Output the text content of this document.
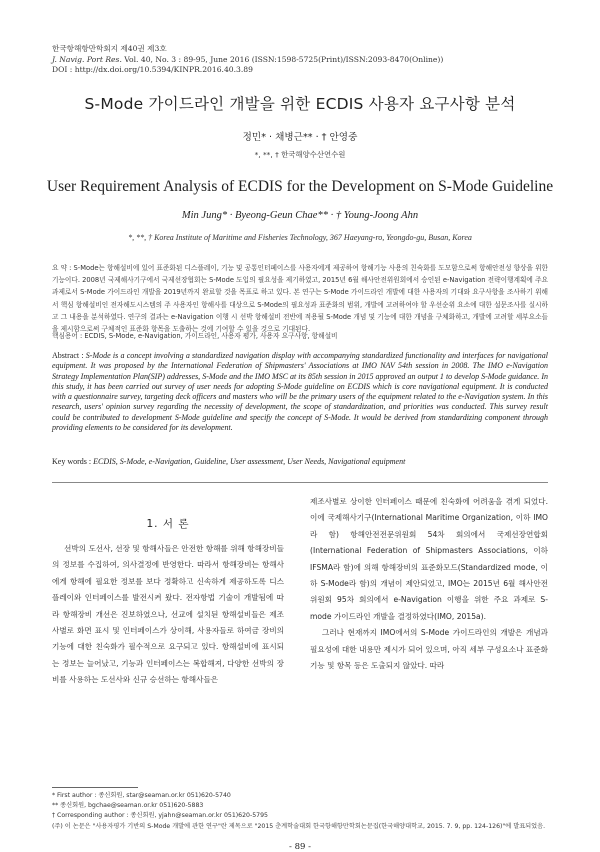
한국항해항만학회지 제40권 제3호
J. Navig. Port Res. Vol. 40, No. 3 : 89-95, June 2016 (ISSN:1598-5725(Print)/ISSN:2093-8470(Online))
DOI : http://dx.doi.org/10.5394/KINPR.2016.40.3.89
S-Mode 가이드라인 개발을 위한 ECDIS 사용자 요구사항 분석
정민* · 채병근** · † 안영중
*, **, † 한국해양수산연수원
User Requirement Analysis of ECDIS for the Development on S-Mode Guideline
Min Jung* · Byeong-Geun Chae** · † Young-Joong Ahn
*, **, † Korea Institute of Maritime and Fisheries Technology, 367 Haeyang-ro, Yeongdo-gu, Busan, Korea

요 약 : S-Mode는 항해설비에 있어 표준화된 디스플레이, 기능 및 공통인터페이스를 사용자에게 제공하여 항해기능 사용의 친숙화를 도모함으로써 항해안전성 향상을 위한 기능이다. 2008년 국제해사기구에서 국제선장협회는 S-Mode 도입의 필요성을 제기하였고, 2015년 6월 해사안전위원회에서 승인된 e-Navigation 전략이행계획에 주요과제로서 S-Mode 가이드라인 개발을 2019년까지 완료할 것을 목표로 하고 있다. 본 연구는 S-Mode 가이드라인 개발에 대한 사용자의 기대와 요구사항을 조사하기 위해서 핵심 항해설비인 전자해도시스템의 주 사용자인 항해사를 대상으로 S-Mode의 필요성과 표준화의 범위, 개발에 고려하여야 할 우선순위 요소에 대한 설문조사를 실시하고 그 내용을 분석하였다. 연구의 결과는 e-Navigation 이행 시 선박 항해설비 전반에 적용될 S-Mode 개념 및 기능에 대한 개념을 구체화하고, 개발에 고려할 세부요소들을 제시함으로써 구체적인 표준화 항목을 도출하는 것에 기여할 수 있을 것으로 기대된다.

핵심용어 : ECDIS, S-Mode, e-Navigation, 가이드라인, 사용자 평가, 사용자 요구사항, 항해설비

Abstract : S-Mode is a concept involving a standardized navigation display with accompanying standardized functionality and interfaces for navigational equipment. It was proposed by the International Federation of Shipmasters' Associations at IMO NAV 54th session in 2008. The IMO e-Navigation Strategy Implementation Plan(SIP) addresses, S-Mode and the IMO MSC at its 85th session in 2015 approved an output 1 to develop S-Mode guidance. In this study, it has been carried out survey of user needs for adopting S-Mode guideline on ECDIS which is core navigational equipment. It is conducted with a questionnaire survey, targeting deck officers and masters who will be the primary users of the equipment related to the e-Navigation system. In this research, users' opinion survey regarding the necessity of development, the scope of standardization, and priorities was conducted. This survey result could be contributed to development S-Mode guideline and specify the concept of S-Mode. It would be derived from standardizing component through providing elements to be considered for its development.

Key words : ECDIS, S-Mode, e-Navigation, Guideline, User assessment, User Needs, Navigational equipment
1. 서 론

선박의 도선사, 선장 및 항해사들은 안전한 항해를 위해 항해장비들의 정보를 수집하여, 의사결정에 반영한다. 따라서 항해장비는 항해사에게 항해에 필요한 정보를 보다 정확하고 신속하게 제공하도록 디스플레이와 인터페이스를 발전시켜 왔다. 전자항법 기술이 개발됨에 따라 항해장비 개선은 진보하였으나, 선교에 설치된 항해설비들은 제조사별로 화면 표시 및 인터페이스가 상이해, 사용자들로 하여금 장비의 기능에 대한 친숙화가 필수적으로 요구되고 있다. 항해설비에 표시되는 정보는 늘어났고, 기능과 인터페이스는 복합해져, 다양한 선박의 장비를 사용하는 도선사와 신규 승선하는 항해사들은

제조사별로 상이한 인터페이스 때문에 친숙화에 어려움을 겪게 되었다. 이에 국제해사기구(International Maritime Organization, 이하 IMO라 함) 항해안전전문위원회 54차 회의에서 국제선장연합회(International Federation of Shipmasters Associations, 이하 IFSMA라 함)에 의해 항해장비의 표준화모드(Standardized mode, 이하 S-Mode라 함)의 개념이 제안되었고, IMO는 2015년 6월 해사안전위원회 95차 회의에서 e-Navigation 이행을 위한 주요 과제로 S-mode 가이드라인 개발을 결정하였다(IMO, 2015a).

그러나 현재까지 IMO에서의 S-Mode 가이드라인의 개발은 개념과 필요성에 대한 내용만 제시가 되어 있으며, 아직 세부 구성요소나 표준화 기능 및 항목 등은 도출되지 않았다. 따라

* First author : 종신회원, star@seaman.or.kr 051)620-5740
** 종신회원, bgchae@seaman.or.kr 051)620-5883
† Corresponding author : 종신회원, yjahn@seaman.or.kr 051)620-5795
(주) 이 논문은 "사용자평가 기반의 S-Mode 개발에 관한 연구"란 제목으로 "2015 춘계학술대회 한국항해항만학회논문집(한국해양대학교, 2015. 7. 9, pp. 124-126)"에 발표되었음.
- 89 -
